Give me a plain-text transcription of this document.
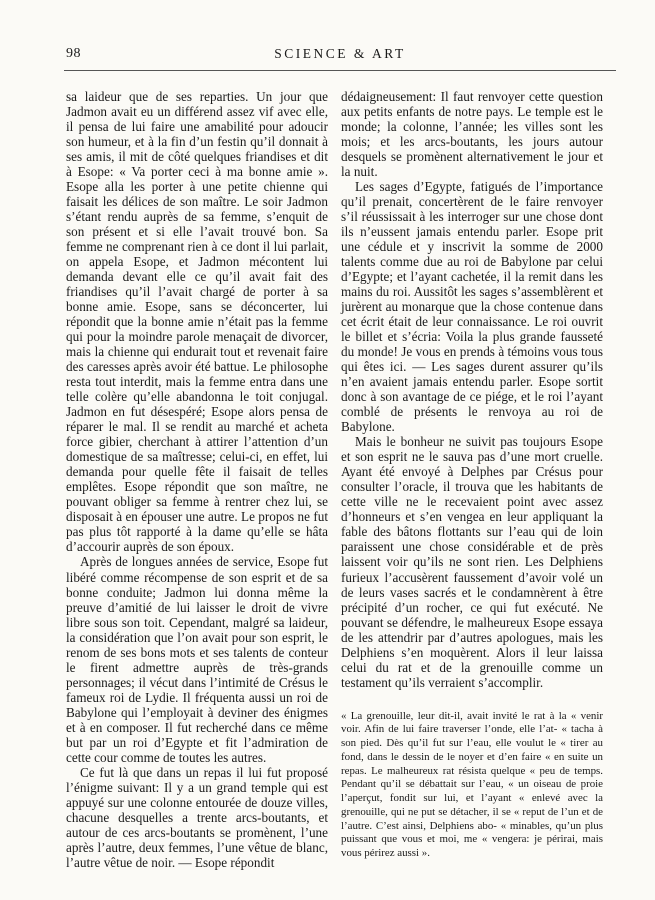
98	SCIENCE & ART

sa laideur que de ses reparties. Un jour que Jadmon avait eu un différend assez vif avec elle, il pensa de lui faire une amabilité pour adoucir son humeur, et à la fin d’un festin qu’il donnait à ses amis, il mit de côté quelques friandises et dit à Esope: « Va porter ceci à ma bonne amie ». Esope alla les porter à une petite chienne qui faisait les délices de son maître. Le soir Jadmon s’étant rendu auprès de sa femme, s’enquit de son présent et si elle l’avait trouvé bon. Sa femme ne comprenant rien à ce dont il lui parlait, on appela Esope, et Jadmon mécontent lui demanda devant elle ce qu’il avait fait des friandises qu’il l’avait chargé de porter à sa bonne amie. Esope, sans se déconcerter, lui répondit que la bonne amie n’était pas la femme qui pour la moindre parole menaçait de divorcer, mais la chienne qui endurait tout et revenait faire des caresses après avoir été battue. Le philosophe resta tout interdit, mais la femme entra dans une telle colère qu’elle abandonna le toit conjugal. Jadmon en fut désespéré; Esope alors pensa de réparer le mal. Il se rendit au marché et acheta force gibier, cherchant à attirer l’attention d’un domestique de sa maîtresse; celui-ci, en effet, lui demanda pour quelle fête il faisait de telles emplêtes. Esope répondit que son maître, ne pouvant obliger sa femme à rentrer chez lui, se disposait à en épouser une autre. Le propos ne fut pas plus tôt rapporté à la dame qu’elle se hâta d’accourir auprès de son époux.

Après de longues années de service, Esope fut libéré comme récompense de son esprit et de sa bonne conduite; Jadmon lui donna même la preuve d’amitié de lui laisser le droit de vivre libre sous son toit. Cependant, malgré sa laideur, la considération que l’on avait pour son esprit, le renom de ses bons mots et ses talents de conteur le firent admettre auprès de très-grands personnages; il vécut dans l’intimité de Crésus le fameux roi de Lydie. Il fréquenta aussi un roi de Babylone qui l’employait à deviner des énigmes et à en composer. Il fut recherché dans ce même but par un roi d’Egypte et fit l’admiration de cette cour comme de toutes les autres.

Ce fut là que dans un repas il lui fut proposé l’énigme suivant: Il y a un grand temple qui est appuyé sur une colonne entourée de douze villes, chacune desquelles a trente arcs-boutants, et autour de ces arcs-boutants se promènent, l’une après l’autre, deux femmes, l’une vêtue de blanc, l’autre vêtue de noir. — Esope répondit

dédaigneusement: Il faut renvoyer cette question aux petits enfants de notre pays. Le temple est le monde; la colonne, l’année; les villes sont les mois; et les arcs-boutants, les jours autour desquels se promènent alternativement le jour et la nuit.

Les sages d’Egypte, fatigués de l’importance qu’il prenait, concertèrent de le faire renvoyer s’il réussissait à les interroger sur une chose dont ils n’eussent jamais entendu parler. Esope prit une cédule et y inscrivit la somme de 2000 talents comme due au roi de Babylone par celui d’Egypte; et l’ayant cachetée, il la remit dans les mains du roi. Aussitôt les sages s’assemblèrent et jurèrent au monarque que la chose contenue dans cet écrit était de leur connaissance. Le roi ouvrit le billet et s’écria: Voila la plus grande fausseté du monde! Je vous en prends à témoins vous tous qui êtes ici. — Les sages durent assurer qu’ils n’en avaient jamais entendu parler. Esope sortit donc à son avantage de ce piége, et le roi l’ayant comblé de présents le renvoya au roi de Babylone.

Mais le bonheur ne suivit pas toujours Esope et son esprit ne le sauva pas d’une mort cruelle. Ayant été envoyé à Delphes par Crésus pour consulter l’oracle, il trouva que les habitants de cette ville ne le recevaient point avec assez d’honneurs et s’en vengea en leur appliquant la fable des bâtons flottants sur l’eau qui de loin paraissent une chose considérable et de près laissent voir qu’ils ne sont rien. Les Delphiens furieux l’accusèrent faussement d’avoir volé un de leurs vases sacrés et le condamnèrent à être précipité d’un rocher, ce qui fut exécuté. Ne pouvant se défendre, le malheureux Esope essaya de les attendrir par d’autres apologues, mais les Delphiens s’en moquèrent. Alors il leur laissa celui du rat et de la grenouille comme un testament qu’ils verraient s’accomplir.

« La grenouille, leur dit-il, avait invité le rat à la « venir voir. Afin de lui faire traverser l’onde, elle l’at- « tacha à son pied. Dès qu’il fut sur l’eau, elle voulut le « tirer au fond, dans le dessin de le noyer et d’en faire « en suite un repas. Le malheureux rat résista quelque « peu de temps. Pendant qu’il se débattait sur l’eau, « un oiseau de proie l’aperçut, fondit sur lui, et l’ayant « enlevé avec la grenouille, qui ne put se détacher, il se « reput de l’un et de l’autre. C’est ainsi, Delphiens abo- « minables, qu’un plus puissant que vous et moi, me « vengera: je périrai, mais vous périrez aussi ».
